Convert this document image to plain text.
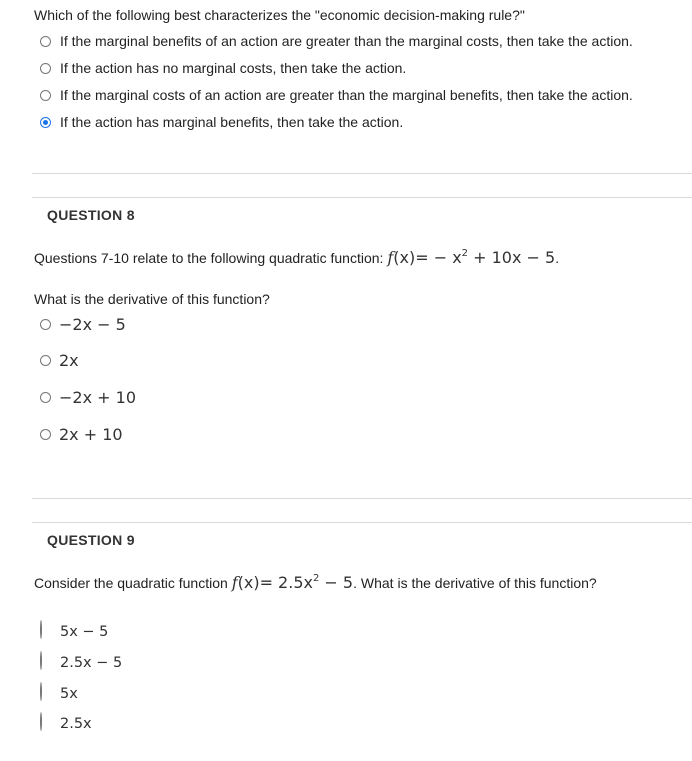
Which of the following best characterizes the "economic decision-making rule?"
If the marginal benefits of an action are greater than the marginal costs, then take the action.
If the action has no marginal costs, then take the action.
If the marginal costs of an action are greater than the marginal benefits, then take the action.
If the action has marginal benefits, then take the action.
QUESTION 8
Questions 7-10 relate to the following quadratic function: $f(x)= - x^2 + 10x - 5$.
What is the derivative of this function?
−2x − 5
2x
−2x + 10
2x + 10
QUESTION 9
Consider the quadratic function $f(x)= 2.5x^2 - 5$. What is the derivative of this function?
5x − 5
2.5x − 5
5x
2.5x
